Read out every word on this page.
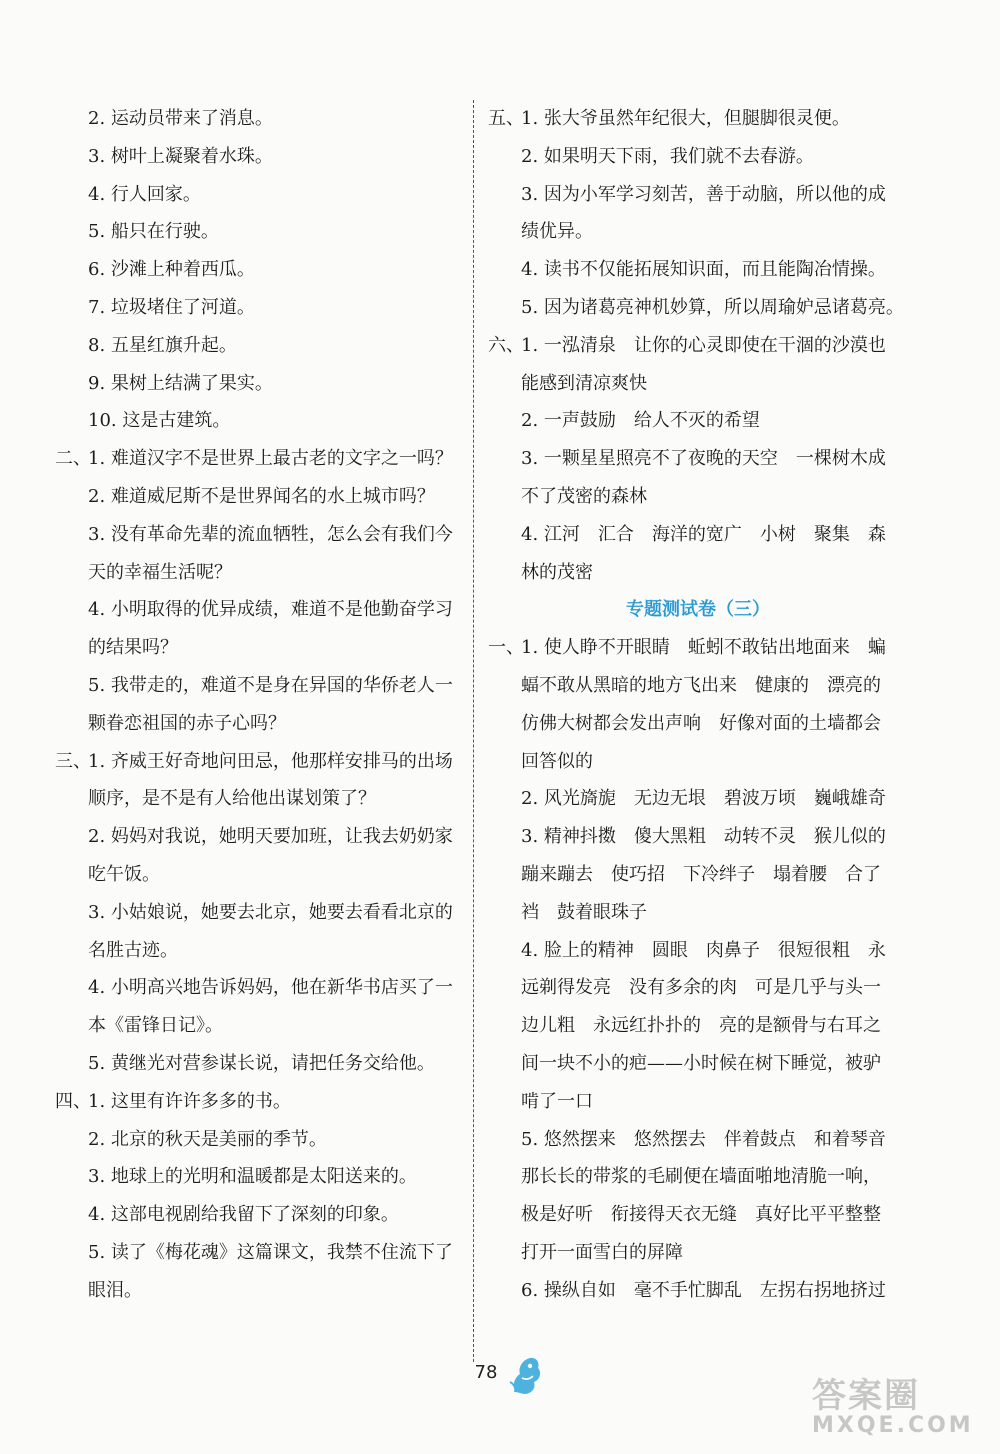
2. 运动员带来了消息。
3. 树叶上凝聚着水珠。
4. 行人回家。
5. 船只在行驶。
6. 沙滩上种着西瓜。
7. 垃圾堵住了河道。
8. 五星红旗升起。
9. 果树上结满了果实。
10. 这是古建筑。
二、1. 难道汉字不是世界上最古老的文字之一吗？
2. 难道威尼斯不是世界闻名的水上城市吗？
3. 没有革命先辈的流血牺牲，怎么会有我们今
天的幸福生活呢？
4. 小明取得的优异成绩，难道不是他勤奋学习
的结果吗？
5. 我带走的，难道不是身在异国的华侨老人一
颗眷恋祖国的赤子心吗？
三、1. 齐威王好奇地问田忌，他那样安排马的出场
顺序，是不是有人给他出谋划策了？
2. 妈妈对我说，她明天要加班，让我去奶奶家
吃午饭。
3. 小姑娘说，她要去北京，她要去看看北京的
名胜古迹。
4. 小明高兴地告诉妈妈，他在新华书店买了一
本《雷锋日记》。
5. 黄继光对营参谋长说，请把任务交给他。
四、1. 这里有许许多多的书。
2. 北京的秋天是美丽的季节。
3. 地球上的光明和温暖都是太阳送来的。
4. 这部电视剧给我留下了深刻的印象。
5. 读了《梅花魂》这篇课文，我禁不住流下了
眼泪。
五、1. 张大爷虽然年纪很大，但腿脚很灵便。
2. 如果明天下雨，我们就不去春游。
3. 因为小军学习刻苦，善于动脑，所以他的成
绩优异。
4. 读书不仅能拓展知识面，而且能陶冶情操。
5. 因为诸葛亮神机妙算，所以周瑜妒忌诸葛亮。
六、1. 一泓清泉　让你的心灵即使在干涸的沙漠也
能感到清凉爽快
2. 一声鼓励　给人不灭的希望
3. 一颗星星照亮不了夜晚的天空　一棵树木成
不了茂密的森林
4. 江河　汇合　海洋的宽广　小树　聚集　森
林的茂密
专题测试卷（三）
一、1. 使人睁不开眼睛　蚯蚓不敢钻出地面来　蝙
蝠不敢从黑暗的地方飞出来　健康的　漂亮的
仿佛大树都会发出声响　好像对面的土墙都会
回答似的
2. 风光旖旎　无边无垠　碧波万顷　巍峨雄奇
3. 精神抖擞　傻大黑粗　动转不灵　猴儿似的
蹦来蹦去　使巧招　下冷绊子　塌着腰　合了
裆　鼓着眼珠子
4. 脸上的精神　圆眼　肉鼻子　很短很粗　永
远剃得发亮　没有多余的肉　可是几乎与头一
边儿粗　永远红扑扑的　亮的是额骨与右耳之
间一块不小的疤——小时候在树下睡觉，被驴
啃了一口
5. 悠然摆来　悠然摆去　伴着鼓点　和着琴音
那长长的带浆的毛刷便在墙面啪地清脆一响，
极是好听　衔接得天衣无缝　真好比平平整整
打开一面雪白的屏障
6. 操纵自如　毫不手忙脚乱　左拐右拐地挤过
78
答案圈
MXQE.COM
